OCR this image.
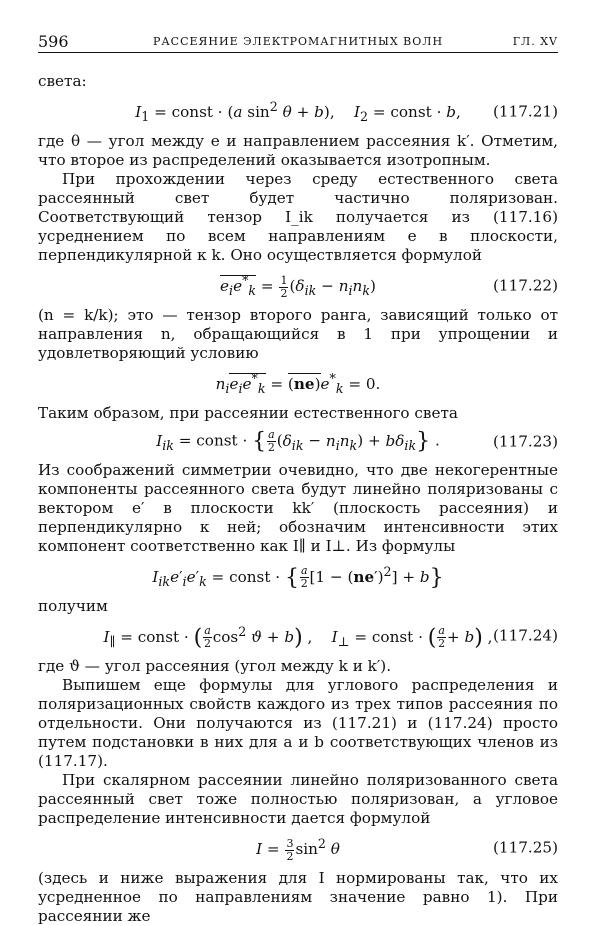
596	РАССЕЯНИЕ ЭЛЕКТРОМАГНИТНЫХ ВОЛН	ГЛ. XV

света:

$I_1$ = const · (a $\sin^2 \theta + b$),    $I_2$ = const · b, (117.21)

где θ — угол между e и направлением рассеяния k′. Отметим, что второе из распределений оказывается изотропным.

При прохождении через среду естественного света рассеянный свет будет частично поляризован. Соответствующий тензор I_ik получается из (117.16) усреднением по всем направлениям e в плоскости, перпендикулярной к k. Оно осуществляется формулой

$e_ie^*_k = \frac{1}{2} (\delta_{ik} - n_in_k)$	(117.22)

(n = k/k); это — тензор второго ранга, зависящий только от направления n, обращающийся в 1 при упрощении и удовлетворяющий условию

$n_ie_ie^*_k = (ne)e^*_k = 0$.

Таким образом, при рассеянии естественного света

$I_{ik}$ = const · { $\frac{a}{2} (\delta_{ik} - n_in_k) + b\delta_{ik}$} .	(117.23)

Из соображений симметрии очевидно, что две некогерентные компоненты рассеянного света будут линейно поляризованы с вектором e′ в плоскости kk′ (плоскость рассеяния) и перпендикулярно к ней; обозначим интенсивности этих компонент соответственно как I∥ и I⊥. Из формулы

$I_{ik}e'_ie'_k$ = const · { $\frac{a}{2} [1 - (ne')^2] + b$}

получим

$I_\parallel$ = const · ( $\frac{a}{2} \cos^2 ϑ + b$) ,    $I_\perp$ = const · ( $\frac{a}{2} + b$) , (117.24)

где ϑ — угол рассеяния (угол между k и k′).

Выпишем еще формулы для углового распределения и поляризационных свойств каждого из трех типов рассеяния по отдельности. Они получаются из (117.21) и (117.24) просто путем подстановки в них для a и b соответствующих членов из (117.17).

При скалярном рассеянии линейно поляризованного света рассеянный свет тоже полностью поляризован, а угловое распределение интенсивности дается формулой

$I = \frac{3}{2} \sin^2 \theta$	(117.25)

(здесь и ниже выражения для I нормированы так, что их усредненное по направлениям значение равно 1). При рассеянии же
